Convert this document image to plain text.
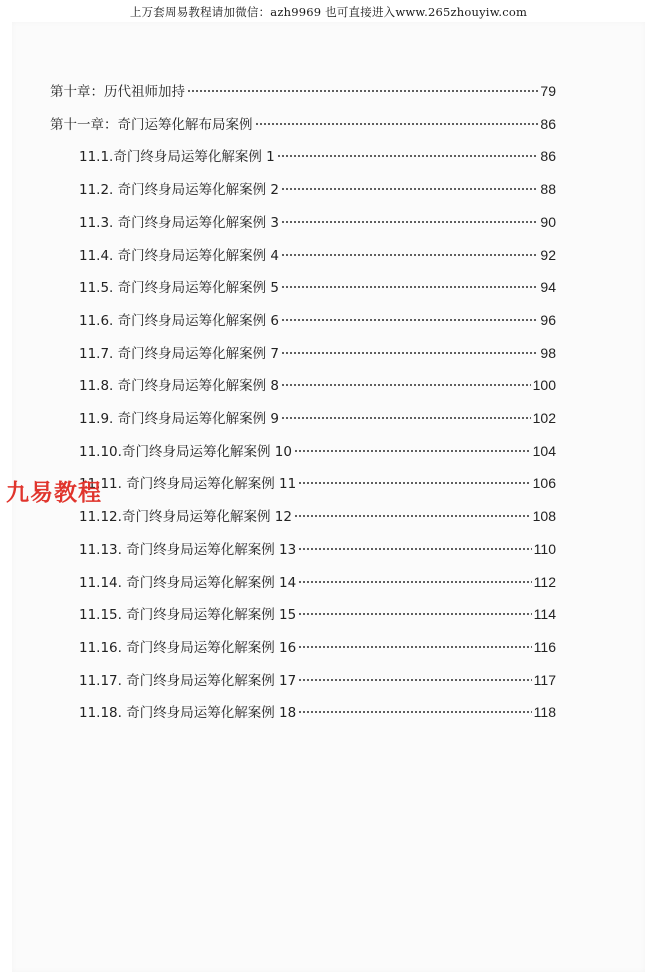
上万套周易教程请加微信：azh9969 也可直接进入www.265zhouyiw.com
第十章：历代祖师加持	79
第十一章：奇门运筹化解布局案例	86
11.1.奇门终身局运筹化解案例 1	86
11.2. 奇门终身局运筹化解案例 2	88
11.3. 奇门终身局运筹化解案例 3	90
11.4. 奇门终身局运筹化解案例 4	92
11.5. 奇门终身局运筹化解案例 5	94
11.6. 奇门终身局运筹化解案例 6	96
11.7. 奇门终身局运筹化解案例 7	98
11.8. 奇门终身局运筹化解案例 8	100
11.9. 奇门终身局运筹化解案例 9	102
11.10.奇门终身局运筹化解案例 10	104
11.11. 奇门终身局运筹化解案例 11	106
11.12.奇门终身局运筹化解案例 12	108
11.13. 奇门终身局运筹化解案例 13	110
11.14. 奇门终身局运筹化解案例 14	112
11.15. 奇门终身局运筹化解案例 15	114
11.16. 奇门终身局运筹化解案例 16	116
11.17. 奇门终身局运筹化解案例 17	117
11.18. 奇门终身局运筹化解案例 18	118
九易教程
